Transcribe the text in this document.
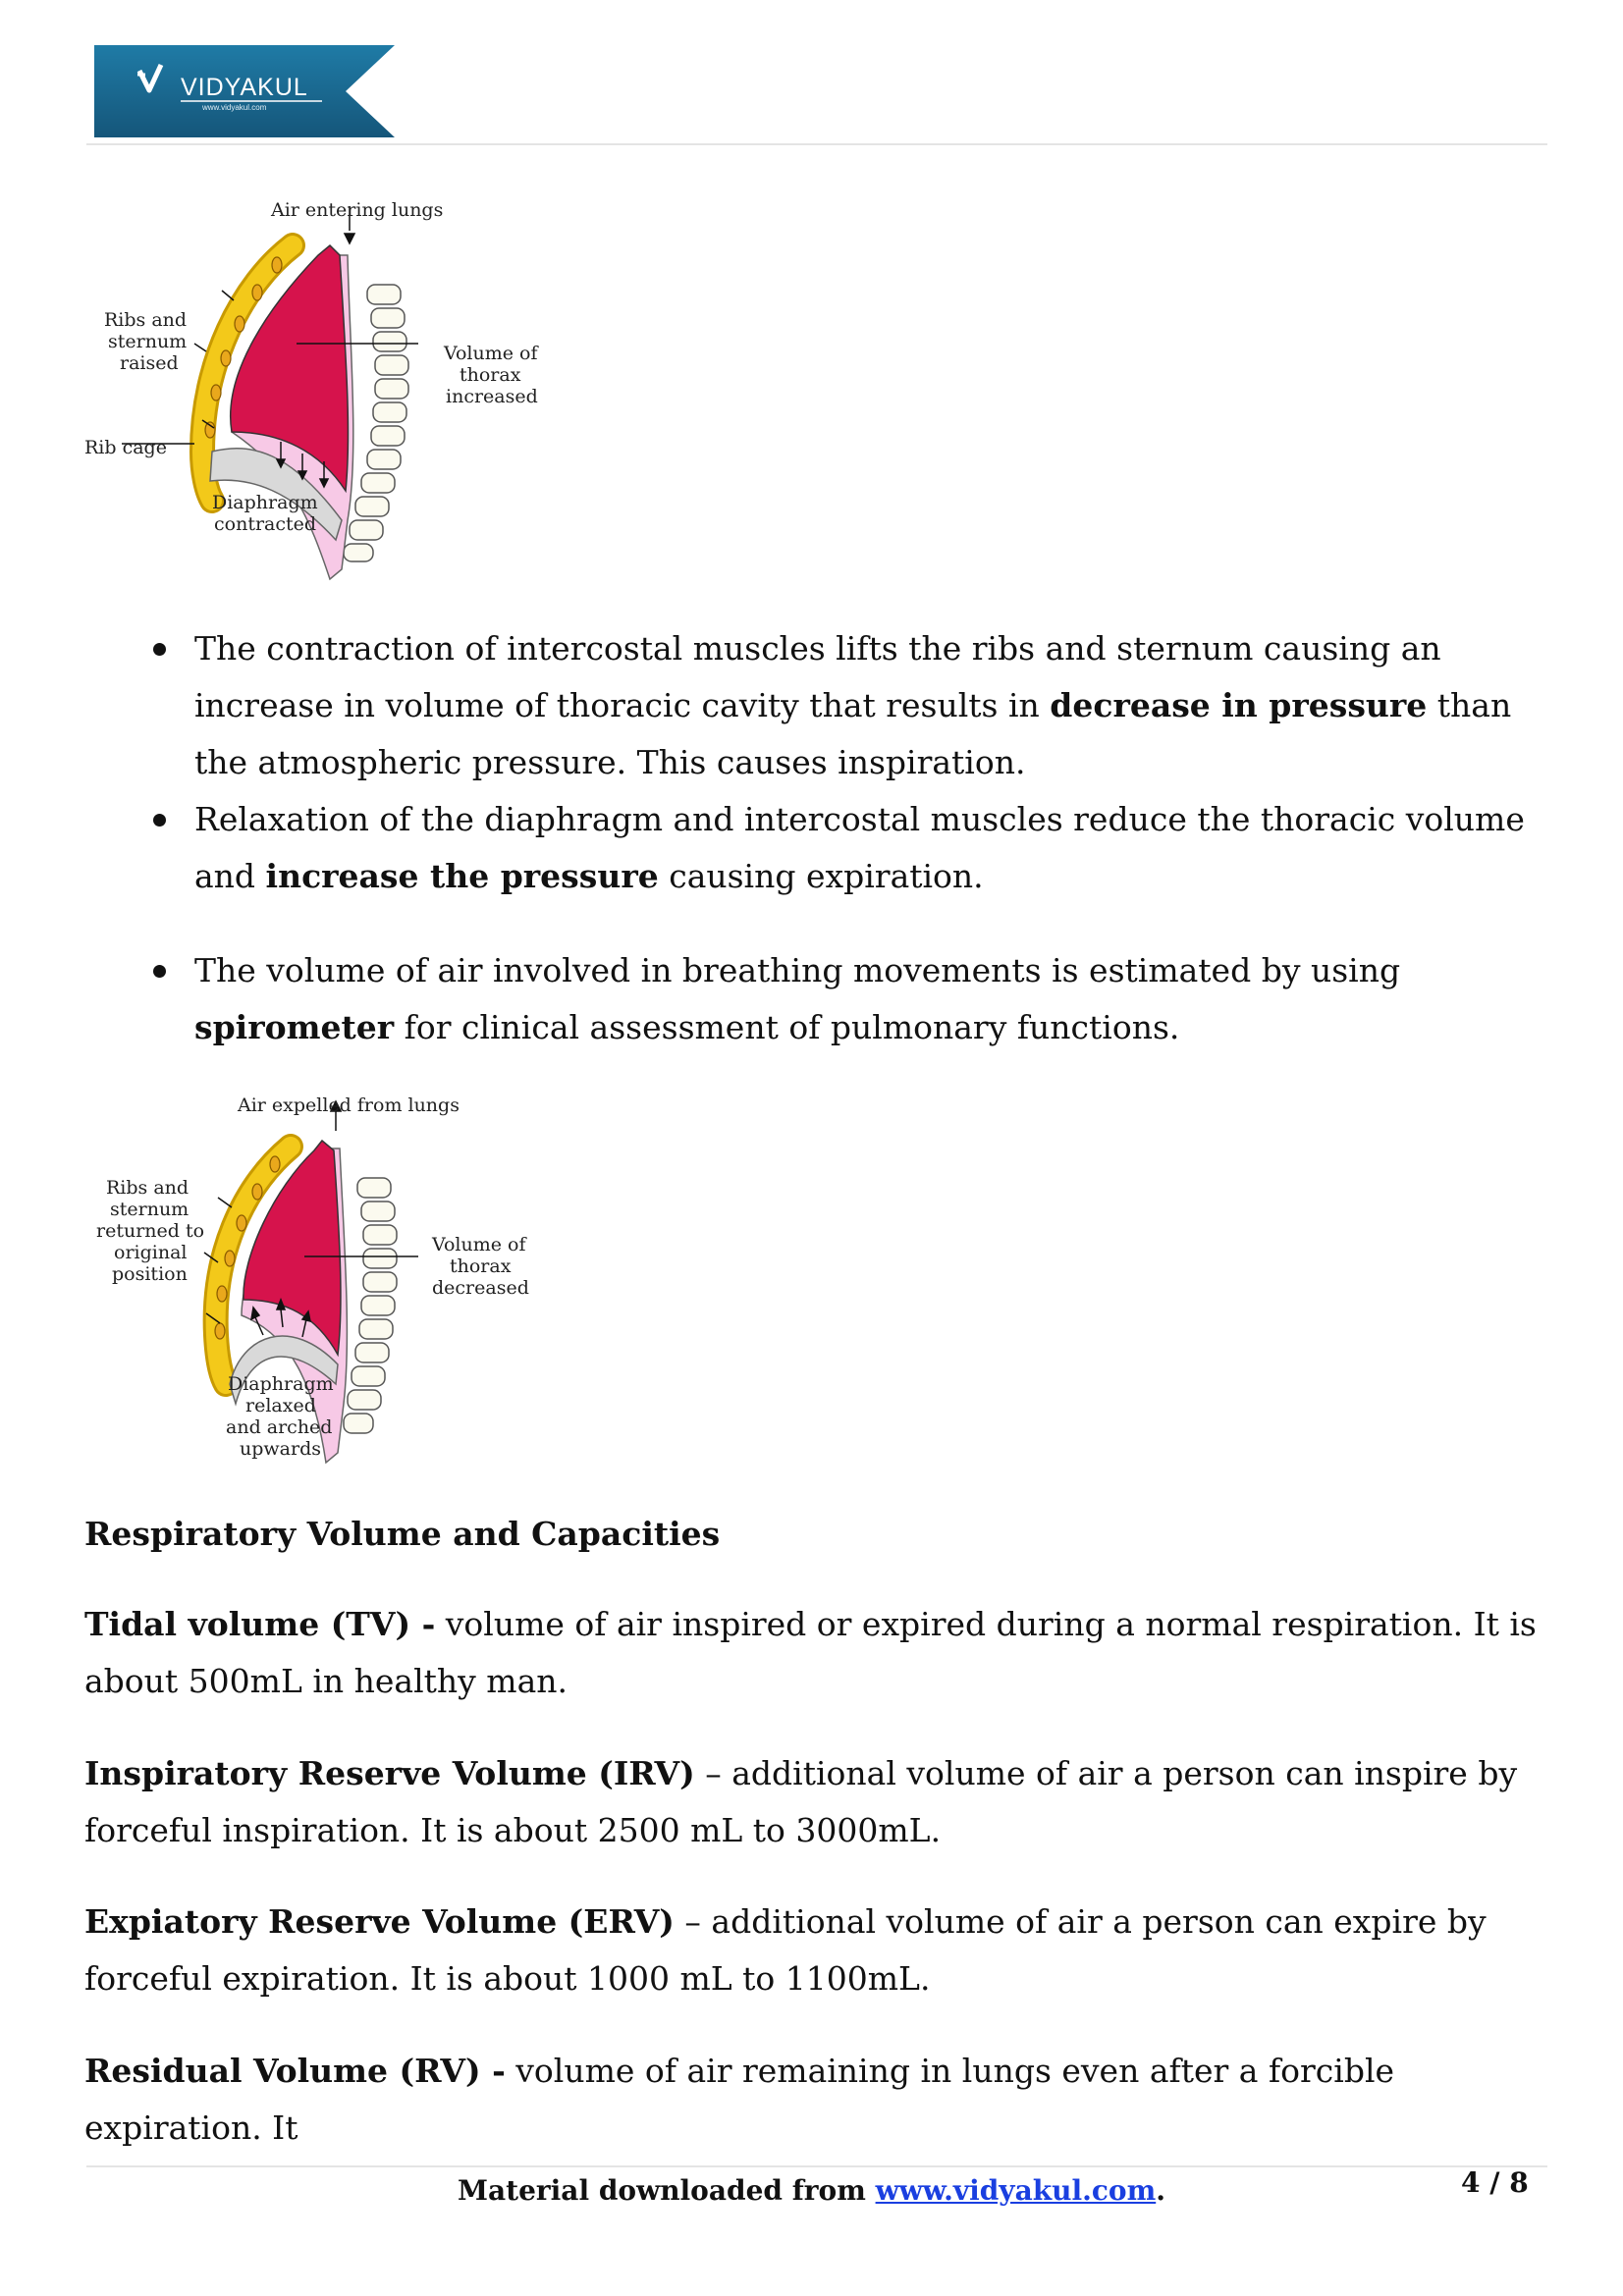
VIDYAKUL
www.vidyakul.com
Air entering lungs
Ribs and
sternum
raised	Volume of
thorax
increased
Rib cage
Diaphragm
contracted
The contraction of intercostal muscles lifts the ribs and sternum causing an increase in volume of thoracic cavity that results in decrease in pressure than the atmospheric pressure. This causes inspiration.
Relaxation of the diaphragm and intercostal muscles reduce the thoracic volume and increase the pressure causing expiration.
The volume of air involved in breathing movements is estimated by using spirometer for clinical assessment of pulmonary functions.
Air expelled from lungs
Ribs and
sternum
returned to
original
position
Volume of
thorax
decreased
Diaphragm
relaxed
and arched
upwards

Respiratory Volume and Capacities

Tidal volume (TV) - volume of air inspired or expired during a normal respiration. It is about 500mL in healthy man.

Inspiratory Reserve Volume (IRV) – additional volume of air a person can inspire by forceful inspiration. It is about 2500 mL to 3000mL.

Expiatory Reserve Volume (ERV) – additional volume of air a person can expire by forceful expiration. It is about 1000 mL to 1100mL.

Residual Volume (RV) - volume of air remaining in lungs even after a forcible expiration. It

Material downloaded from www.vidyakul.com.	4 / 8
